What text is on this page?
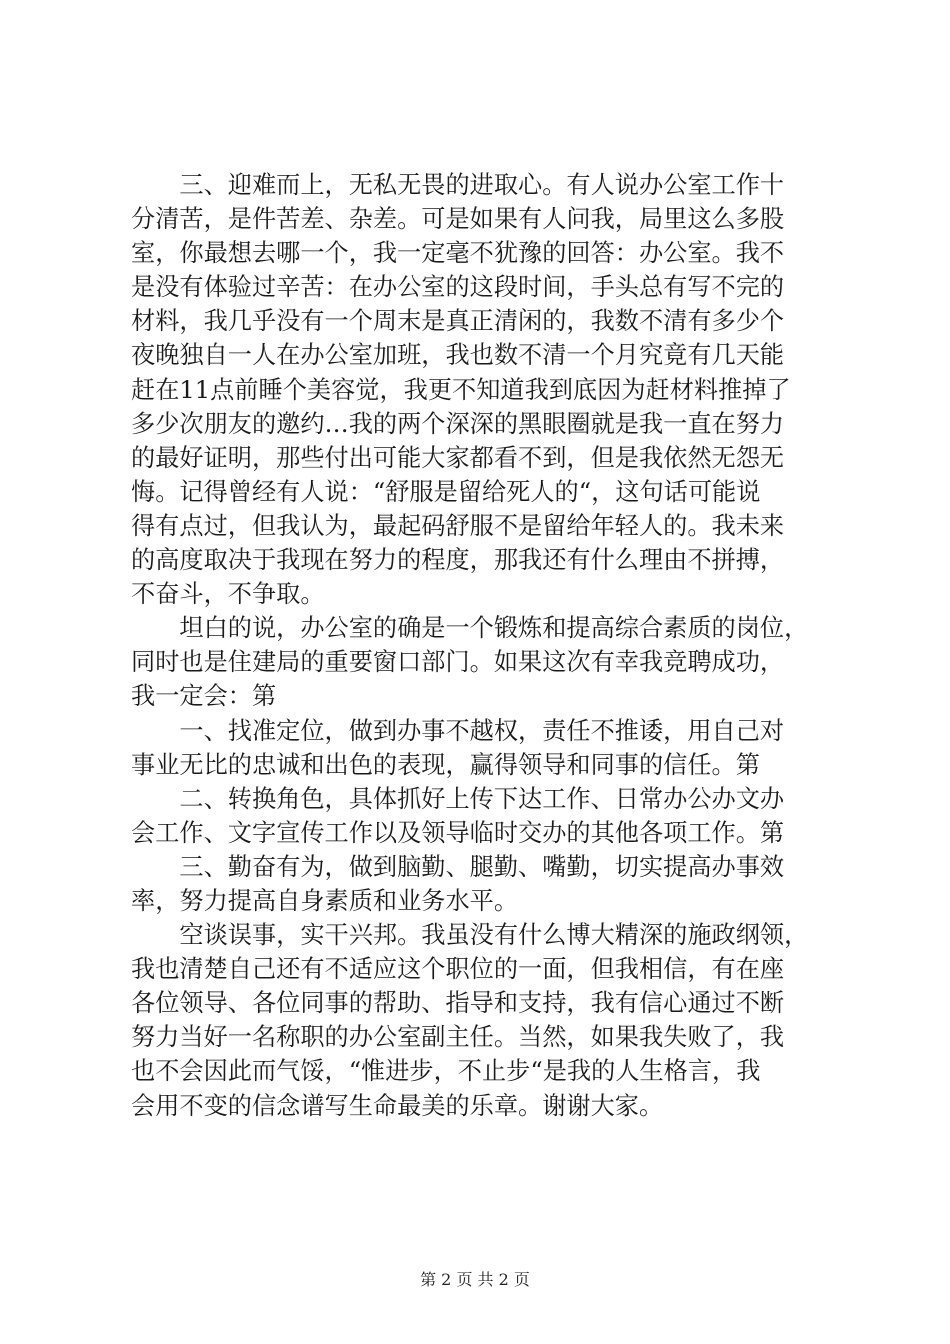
　　三、迎难而上，无私无畏的进取心。有人说办公室工作十
分清苦，是件苦差、杂差。可是如果有人问我，局里这么多股
室，你最想去哪一个，我一定毫不犹豫的回答：办公室。我不
是没有体验过辛苦：在办公室的这段时间，手头总有写不完的
材料，我几乎没有一个周末是真正清闲的，我数不清有多少个
夜晚独自一人在办公室加班，我也数不清一个月究竟有几天能
赶在11点前睡个美容觉，我更不知道我到底因为赶材料推掉了
多少次朋友的邀约…我的两个深深的黑眼圈就是我一直在努力
的最好证明，那些付出可能大家都看不到，但是我依然无怨无
悔。记得曾经有人说：“舒服是留给死人的“，这句话可能说
得有点过，但我认为，最起码舒服不是留给年轻人的。我未来
的高度取决于我现在努力的程度，那我还有什么理由不拼搏，
不奋斗，不争取。
　　坦白的说，办公室的确是一个锻炼和提高综合素质的岗位，
同时也是住建局的重要窗口部门。如果这次有幸我竞聘成功，
我一定会：第
　　一、找准定位，做到办事不越权，责任不推诿，用自己对
事业无比的忠诚和出色的表现，赢得领导和同事的信任。第
　　二、转换角色，具体抓好上传下达工作、日常办公办文办
会工作、文字宣传工作以及领导临时交办的其他各项工作。第
　　三、勤奋有为，做到脑勤、腿勤、嘴勤，切实提高办事效
率，努力提高自身素质和业务水平。
　　空谈误事，实干兴邦。我虽没有什么博大精深的施政纲领，
我也清楚自己还有不适应这个职位的一面，但我相信，有在座
各位领导、各位同事的帮助、指导和支持，我有信心通过不断
努力当好一名称职的办公室副主任。当然，如果我失败了，我
也不会因此而气馁，“惟进步，不止步“是我的人生格言，我
会用不变的信念谱写生命最美的乐章。谢谢大家。
第 2 页 共 2 页
